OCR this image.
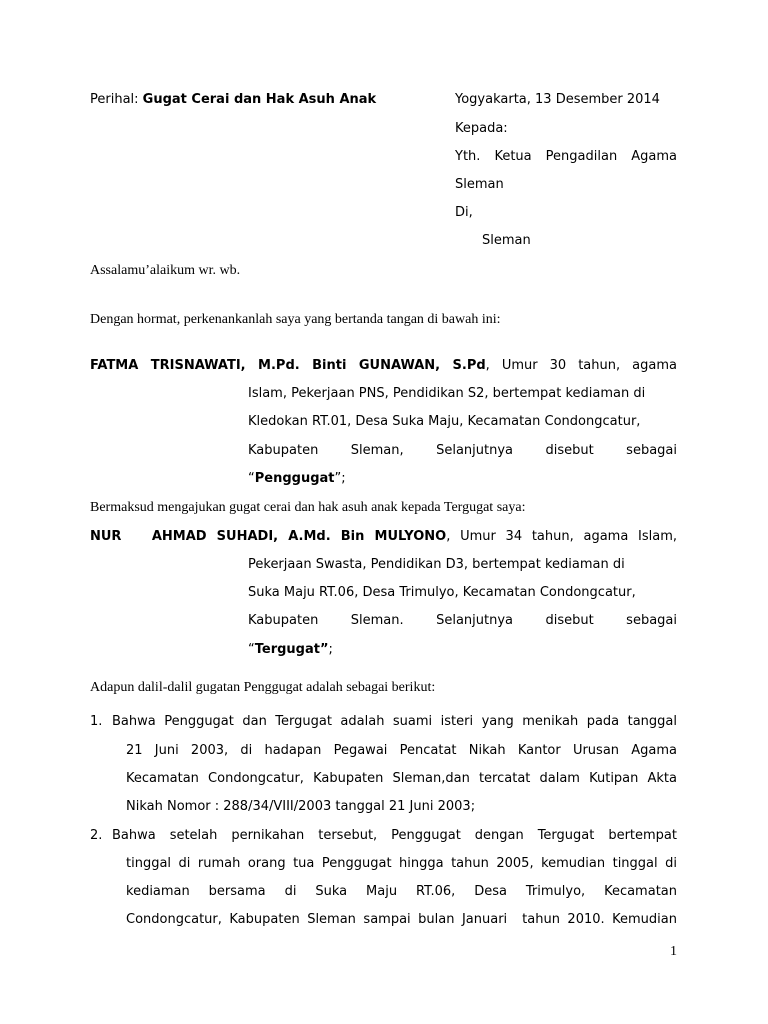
Perihal: Gugat Cerai dan Hak Asuh Anak	Yogyakarta, 13 Desember 2014
Kepada:
Yth. Ketua Pengadilan Agama
Sleman
Di,
Sleman
Assalamu’alaikum wr. wb.
Dengan hormat, perkenankanlah saya yang bertanda tangan di bawah ini:
FATMA TRISNAWATI, M.Pd. Binti GUNAWAN, S.Pd, Umur 30 tahun, agama
Islam, Pekerjaan PNS, Pendidikan S2, bertempat kediaman di
Kledokan RT.01, Desa Suka Maju, Kecamatan Condongcatur,
Kabupaten Sleman, Selanjutnya disebut sebagai
“Penggugat”;
Bermaksud mengajukan gugat cerai dan hak asuh anak kepada Tergugat saya:
NUR   AHMAD SUHADI, A.Md. Bin MULYONO, Umur 34 tahun, agama Islam,
Pekerjaan Swasta, Pendidikan D3, bertempat kediaman di
Suka Maju RT.06, Desa Trimulyo, Kecamatan Condongcatur,
Kabupaten Sleman. Selanjutnya disebut sebagai
“Tergugat”;
Adapun dalil-dalil gugatan Penggugat adalah sebagai berikut:
1. Bahwa Penggugat dan Tergugat adalah suami isteri yang menikah pada tanggal
21 Juni 2003, di hadapan Pegawai Pencatat Nikah Kantor Urusan Agama
Kecamatan Condongcatur, Kabupaten Sleman,dan tercatat dalam Kutipan Akta
Nikah Nomor : 288/34/VIII/2003 tanggal 21 Juni 2003;
2. Bahwa setelah pernikahan tersebut, Penggugat dengan Tergugat bertempat
tinggal di rumah orang tua Penggugat hingga tahun 2005, kemudian tinggal di
kediaman bersama di Suka Maju RT.06, Desa Trimulyo, Kecamatan
Condongcatur, Kabupaten Sleman sampai bulan Januari  tahun 2010. Kemudian
1
